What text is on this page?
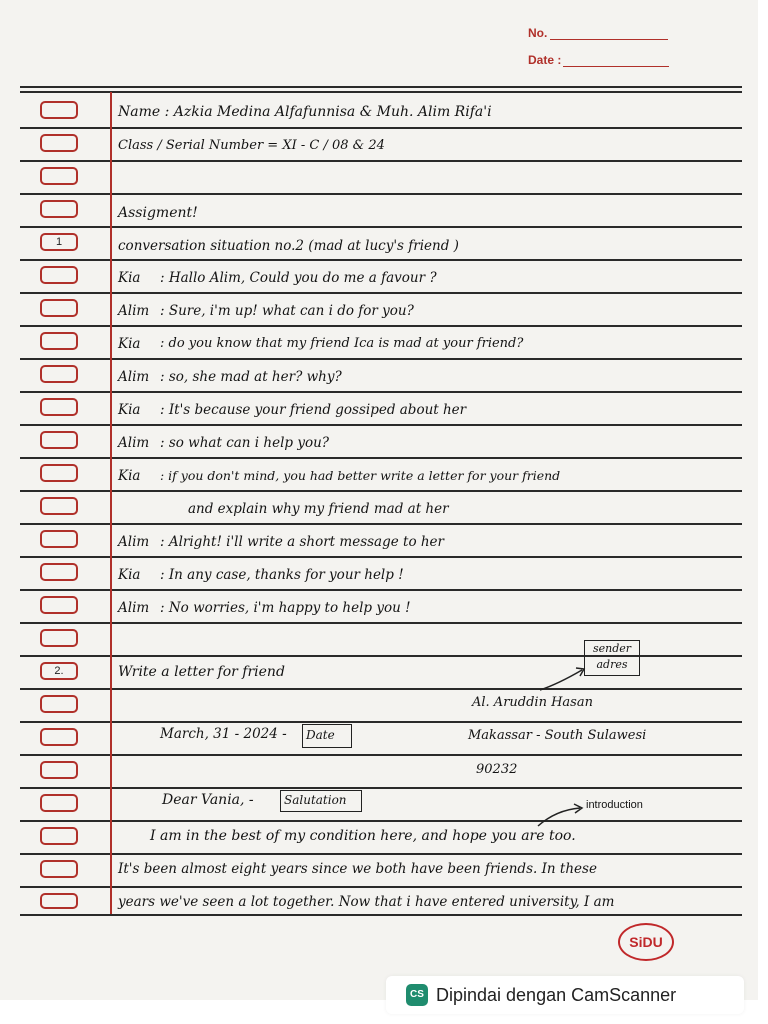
No.
Date :
1
2.
Name : Azkia Medina Alfafunnisa & Muh. Alim Rifa'i
Class / Serial Number = XI - C / 08 & 24
Assigment!
conversation situation no.2 (mad at lucy's friend )
Kia : Hallo Alim, Could you do me a favour ?
Alim : Sure, i'm up! what can i do for you?
Kia : do you know that my friend Ica is mad at your friend?
Alim : so, she mad at her? why?
Kia : It's because your friend gossiped about her
Alim : so what can i help you?
Kia : if you don't mind, you had better write a letter for your friend
and explain why my friend mad at her
Alim : Alright! i'll write a short message to her
Kia : In any case, thanks for your help !
Alim : No worries, i'm happy to help you !
Write a letter for friend
sender adres
Al. Aruddin Hasan
March, 31 - 2024 -	Date	Makassar - South Sulawesi
90232
Dear Vania, -	Salutation	introduction
I am in the best of my condition here, and hope you are too.
It's been almost eight years since we both have been friends. In these
years we've seen a lot together. Now that i have entered university, I am
SiDU
CS Dipindai dengan CamScanner
